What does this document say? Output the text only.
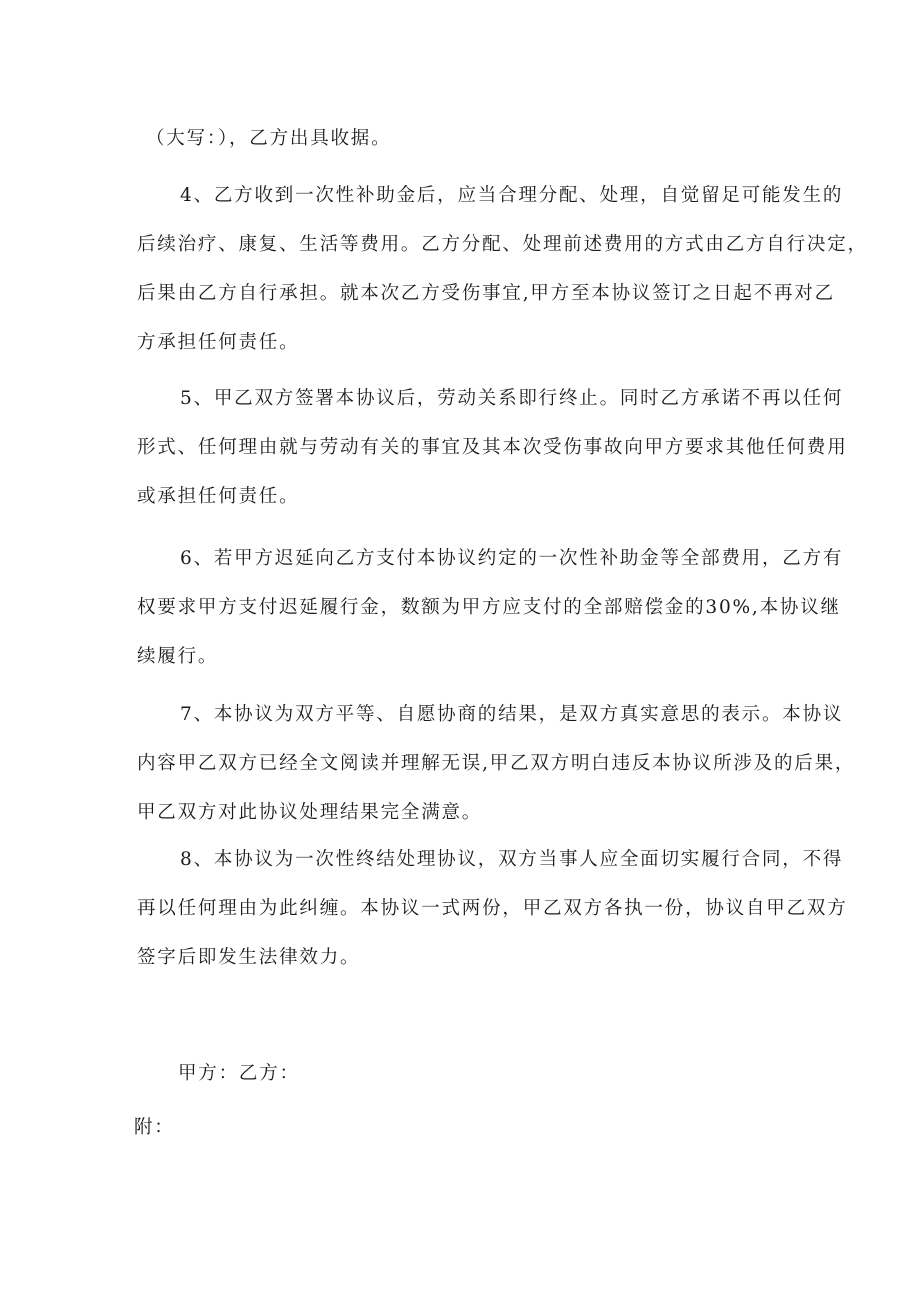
（大写：），乙方出具收据。
4、乙方收到一次性补助金后，应当合理分配、处理，自觉留足可能发生的
后续治疗、康复、生活等费用。乙方分配、处理前述费用的方式由乙方自行决定，
后果由乙方自行承担。就本次乙方受伤事宜,甲方至本协议签订之日起不再对乙
方承担任何责任。
5、甲乙双方签署本协议后，劳动关系即行终止。同时乙方承诺不再以任何
形式、任何理由就与劳动有关的事宜及其本次受伤事故向甲方要求其他任何费用
或承担任何责任。
6、若甲方迟延向乙方支付本协议约定的一次性补助金等全部费用，乙方有
权要求甲方支付迟延履行金，数额为甲方应支付的全部赔偿金的30%,本协议继
续履行。
7、本协议为双方平等、自愿协商的结果，是双方真实意思的表示。本协议
内容甲乙双方已经全文阅读并理解无误,甲乙双方明白违反本协议所涉及的后果，
甲乙双方对此协议处理结果完全满意。
8、本协议为一次性终结处理协议，双方当事人应全面切实履行合同，不得
再以任何理由为此纠缠。本协议一式两份，甲乙双方各执一份，协议自甲乙双方
签字后即发生法律效力。
甲方：乙方：
附：
